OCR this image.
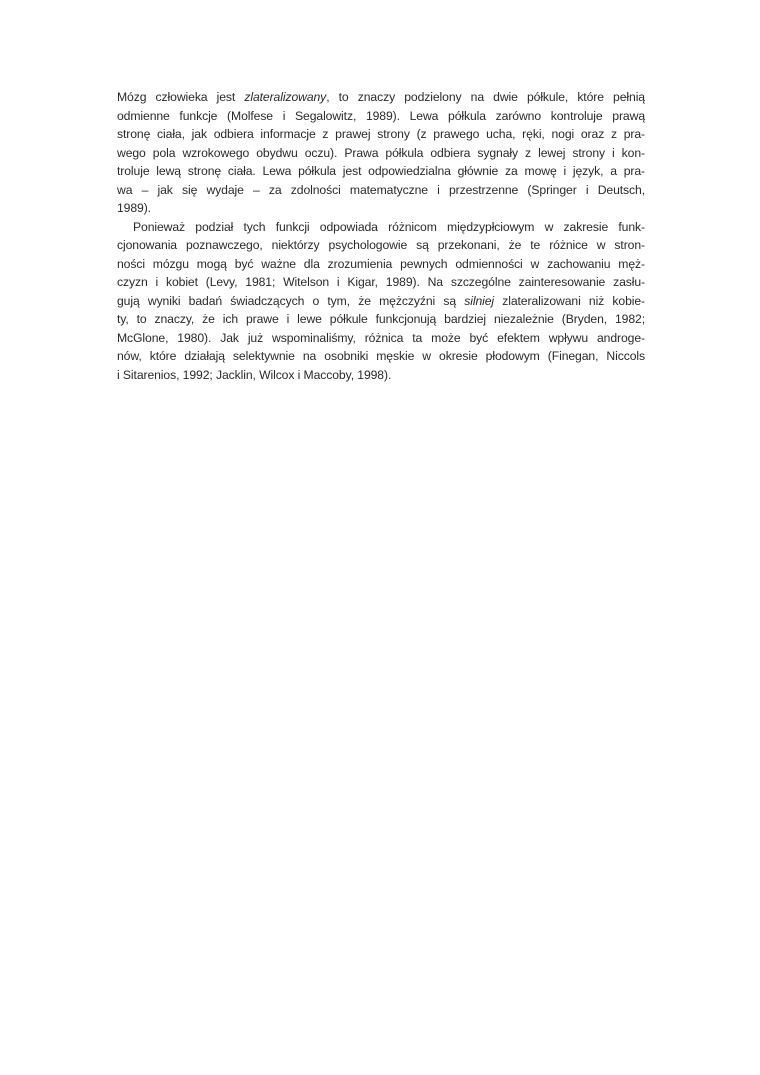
Mózg człowieka jest zlateralizowany, to znaczy podzielony na dwie półkule, które pełnią
odmienne funkcje (Molfese i Segalowitz, 1989). Lewa półkula zarówno kontroluje prawą
stronę ciała, jak odbiera informacje z prawej strony (z prawego ucha, ręki, nogi oraz z pra-
wego pola wzrokowego obydwu oczu). Prawa półkula odbiera sygnały z lewej strony i kon-
troluje lewą stronę ciała. Lewa półkula jest odpowiedzialna głównie za mowę i język, a pra-
wa – jak się wydaje – za zdolności matematyczne i przestrzenne (Springer i Deutsch,
1989).
Ponieważ podział tych funkcji odpowiada różnicom międzypłciowym w zakresie funk-
cjonowania poznawczego, niektórzy psychologowie są przekonani, że te różnice w stron-
ności mózgu mogą być ważne dla zrozumienia pewnych odmienności w zachowaniu męż-
czyzn i kobiet (Levy, 1981; Witelson i Kigar, 1989). Na szczególne zainteresowanie zasłu-
gują wyniki badań świadczących o tym, że mężczyźni są silniej zlateralizowani niż kobie-
ty, to znaczy, że ich prawe i lewe półkule funkcjonują bardziej niezależnie (Bryden, 1982;
McGlone, 1980). Jak już wspominaliśmy, różnica ta może być efektem wpływu androge-
nów, które działają selektywnie na osobniki męskie w okresie płodowym (Finegan, Niccols
i Sitarenios, 1992; Jacklin, Wilcox i Maccoby, 1998).
